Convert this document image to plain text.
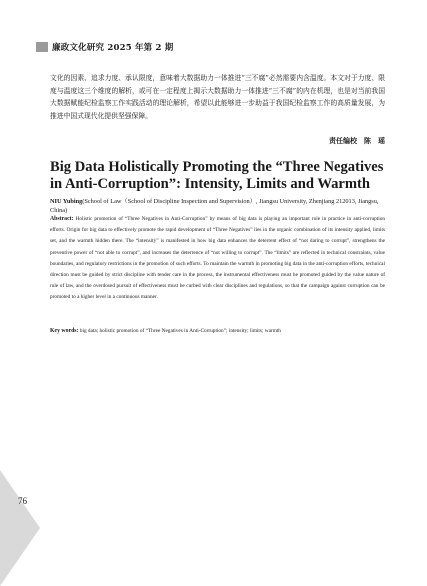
廉政文化研究 2025 年第 2 期

文化的因素、追求力度、承认限度，意味着大数据助力一体推进“三不腐”必然需要内含温度。本文对于力度、限度与温度这三个维度的解析，或可在一定程度上揭示大数据助力一体推进“三不腐”的内在机理，也是对当前我国大数据赋能纪检监察工作实践活动的理论解析，希望以此能够进一步助益于我国纪检监察工作的高质量发展，为推进中国式现代化提供坚强保障。

责任编校　陈　瑶
Big Data Holistically Promoting the “Three Negatives in Anti-Corruption”: Intensity, Limits and Warmth
NIU Yubing(School of Law（School of Discipline Inspection and Supervision）, Jiangsu University, Zhenjiang 212013, Jiangsu, China)
Abstract: Holistic promotion of “Three Negatives in Anti-Corruption” by means of big data is playing an important role in practice in anti-corruption efforts. Origin for big data to effectively promote the rapid development of “Three Negatives” lies in the organic combination of its intensity applied, limits set, and the warmth hidden there. The “intensity” is manifested in how big data enhances the deterrent effect of “not daring to corrupt”, strengthens the preventive power of “not able to corrupt”, and increases the deterrence of “not willing to corrupt”. The “limits” are reflected in technical constraints, value boundaries, and regulatory restrictions in the promotion of such efforts. To maintain the warmth in promoting big data in the anti-corruption efforts, technical direction must be guided by strict discipline with tender care in the process, the instrumental effectiveness must be promoted guided by the value nature of rule of law, and the overdosed pursuit of effectiveness must be curbed with clear disciplines and regulations, so that the campaign against corruption can be promoted to a higher level in a continuous manner.
Key words: big data; holistic promotion of “Three Negatives in Anti-Corruption”; intensity; limits; warmth
76
